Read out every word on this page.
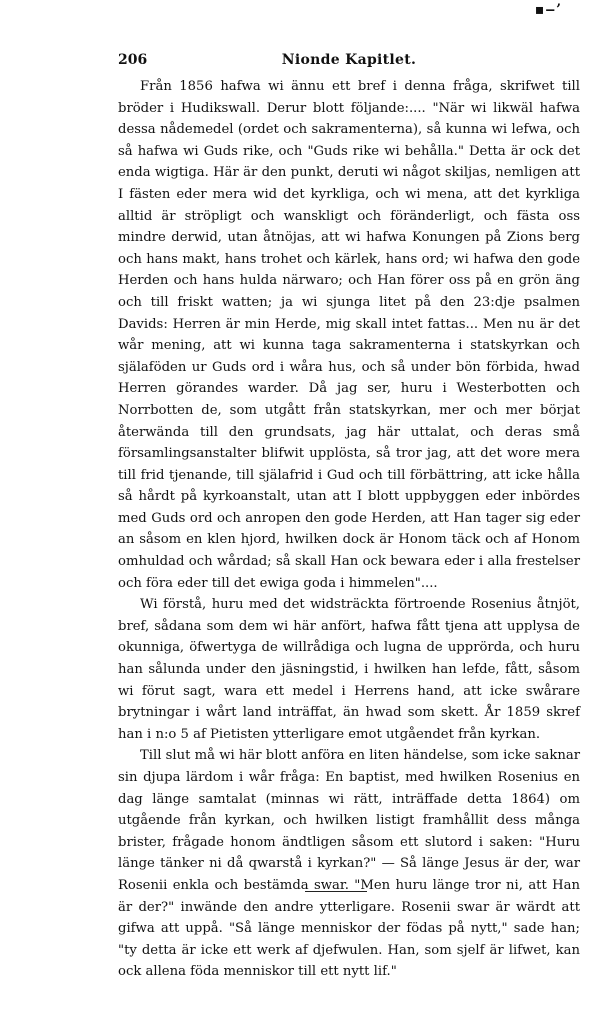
▪‒’
206	Nionde Kapitlet.

Från 1856 hafwa wi ännu ett bref i denna fråga, skrifwet till bröder i Hudikswall. Derur blott följande:.... "När wi likwäl hafwa dessa nådemedel (ordet och sakramenterna), så kunna wi lefwa, och så hafwa wi Guds rike, och "Guds rike wi behålla." Detta är ock det enda wigtiga. Här är den punkt, deruti wi något skiljas, nemligen att I fästen eder mera wid det kyrkliga, och wi mena, att det kyrkliga alltid är ströpligt och wanskligt och föränderligt, och fästa oss mindre derwid, utan åtnöjas, att wi hafwa Konungen på Zions berg och hans makt, hans trohet och kärlek, hans ord; wi hafwa den gode Herden och hans hulda närwaro; och Han förer oss på en grön äng och till friskt watten; ja wi sjunga litet på den 23:dje psalmen Davids: Herren är min Herde, mig skall intet fattas... Men nu är det wår mening, att wi kunna taga sakramenterna i statskyrkan och själaföden ur Guds ord i wåra hus, och så under bön förbida, hwad Herren görandes warder. Då jag ser, huru i Westerbotten och Norrbotten de, som utgått från statskyrkan, mer och mer börjat återwända till den grundsats, jag här uttalat, och deras små församlingsanstalter blifwit upplösta, så tror jag, att det wore mera till frid tjenande, till själafrid i Gud och till förbättring, att icke hålla så hårdt på kyrkoanstalt, utan att I blott uppbyggen eder inbördes med Guds ord och anropen den gode Herden, att Han tager sig eder an såsom en klen hjord, hwilken dock är Honom täck och af Honom omhuldad och wårdad; så skall Han ock bewara eder i alla frestelser och föra eder till det ewiga goda i himmelen"....

Wi förstå, huru med det widsträckta förtroende Rosenius åtnjöt, bref, sådana som dem wi här anfört, hafwa fått tjena att upplysa de okunniga, öfwertyga de willrådiga och lugna de upprörda, och huru han sålunda under den jäsningstid, i hwilken han lefde, fått, såsom wi förut sagt, wara ett medel i Herrens hand, att icke swårare brytningar i wårt land inträffat, än hwad som skett. År 1859 skref han i n:o 5 af Pietisten ytterligare emot utgåendet från kyrkan.

Till slut må wi här blott anföra en liten händelse, som icke saknar sin djupa lärdom i wår fråga: En baptist, med hwilken Rosenius en dag länge samtalat (minnas wi rätt, inträffade detta 1864) om utgående från kyrkan, och hwilken listigt framhållit dess många brister, frågade honom ändtligen såsom ett slutord i saken: "Huru länge tänker ni då qwarstå i kyrkan?" — Så länge Jesus är der, war Rosenii enkla och bestämda swar. "Men huru länge tror ni, att Han är der?" inwände den andre ytterligare. Rosenii swar är wärdt att gifwa att uppå. "Så länge menniskor der födas på nytt," sade han; "ty detta är icke ett werk af djefwulen. Han, som sjelf är lifwet, kan ock allena föda menniskor till ett nytt lif."
